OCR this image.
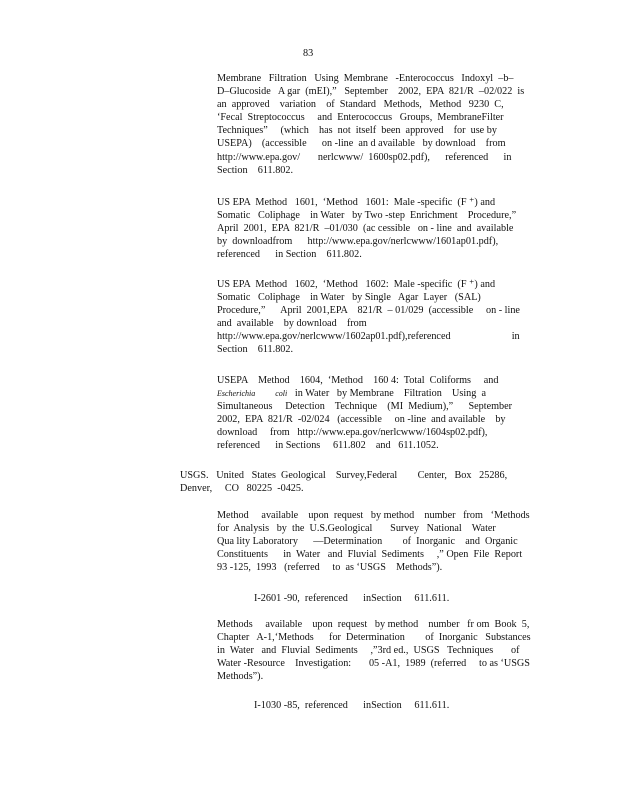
83
Membrane   Filtration   Using  Membrane   -Enterococcus   Indoxyl  –b–
D–Glucoside   A gar  (mEI),”   September    2002,  EPA  821/R  –02/022  is
an  approved    variation    of  Standard   Methods,   Method   9230  C,
‘Fecal  Streptococcus     and  Enterococcus   Groups,  MembraneFilter
Techniques”     (which    has  not  itself  been  approved    for  use by
USEPA)    (accessible      on -line  an d available   by download    from
http://www.epa.gov/       nerlcwww/  1600sp02.pdf),      referenced      in
Section    611.802.
US EPA  Method   1601,  ‘Method   1601:  Male -specific  (F ⁺) and
Somatic   Coliphage    in Water   by Two -step  Enrichment    Procedure,”
April  2001,  EPA  821/R  –01/030  (ac cessible   on - line  and  available
by  downloadfrom      http://www.epa.gov/nerlcwww/1601ap01.pdf),
referenced      in Section    611.802.
US EPA  Method   1602,  ‘Method   1602:  Male -specific  (F ⁺) and
Somatic   Coliphage    in Water   by Single   Agar  Layer   (SAL)
Procedure,”      April  2001,EPA    821/R  – 01/029  (accessible     on - line
and  available    by download    from
http://www.epa.gov/nerlcwww/1602ap01.pdf),referenced                        in
Section    611.802.
USEPA    Method    1604,  ‘Method    160 4:  Total  Coliforms     and
Escherichia          coli   in Water   by Membrane    Filtration    Using  a
Simultaneous     Detection    Technique    (MI  Medium),”      September
2002,  EPA  821/R  -02/024   (accessible     on -line  and available    by
download     from   http://www.epa.gov/nerlcwww/1604sp02.pdf),
referenced      in Sections     611.802    and   611.1052.
USGS.   United   States  Geological    Survey,Federal        Center,   Box   25286,
Denver,     CO   80225  -0425.
Method     available    upon  request   by method    number   from   ‘Methods
for  Analysis   by  the  U.S.Geological       Survey   National    Water
Qua lity Laboratory      —Determination        of  Inorganic    and  Organic
Constituents      in  Water   and  Fluvial  Sediments     ,” Open  File  Report
93 -125,  1993   (referred     to  as ‘USGS    Methods”).
I-2601 -90,  referenced      inSection     611.611.
Methods     available    upon  request   by method    number   fr om  Book  5,
Chapter   A-1,‘Methods      for  Determination        of  Inorganic   Substances
in  Water   and  Fluvial  Sediments     ,”3rd ed.,  USGS   Techniques       of
Water -Resource    Investigation:       05 -A1,  1989  (referred     to as ‘USGS
Methods”).
I-1030 -85,  referenced      inSection     611.611.
